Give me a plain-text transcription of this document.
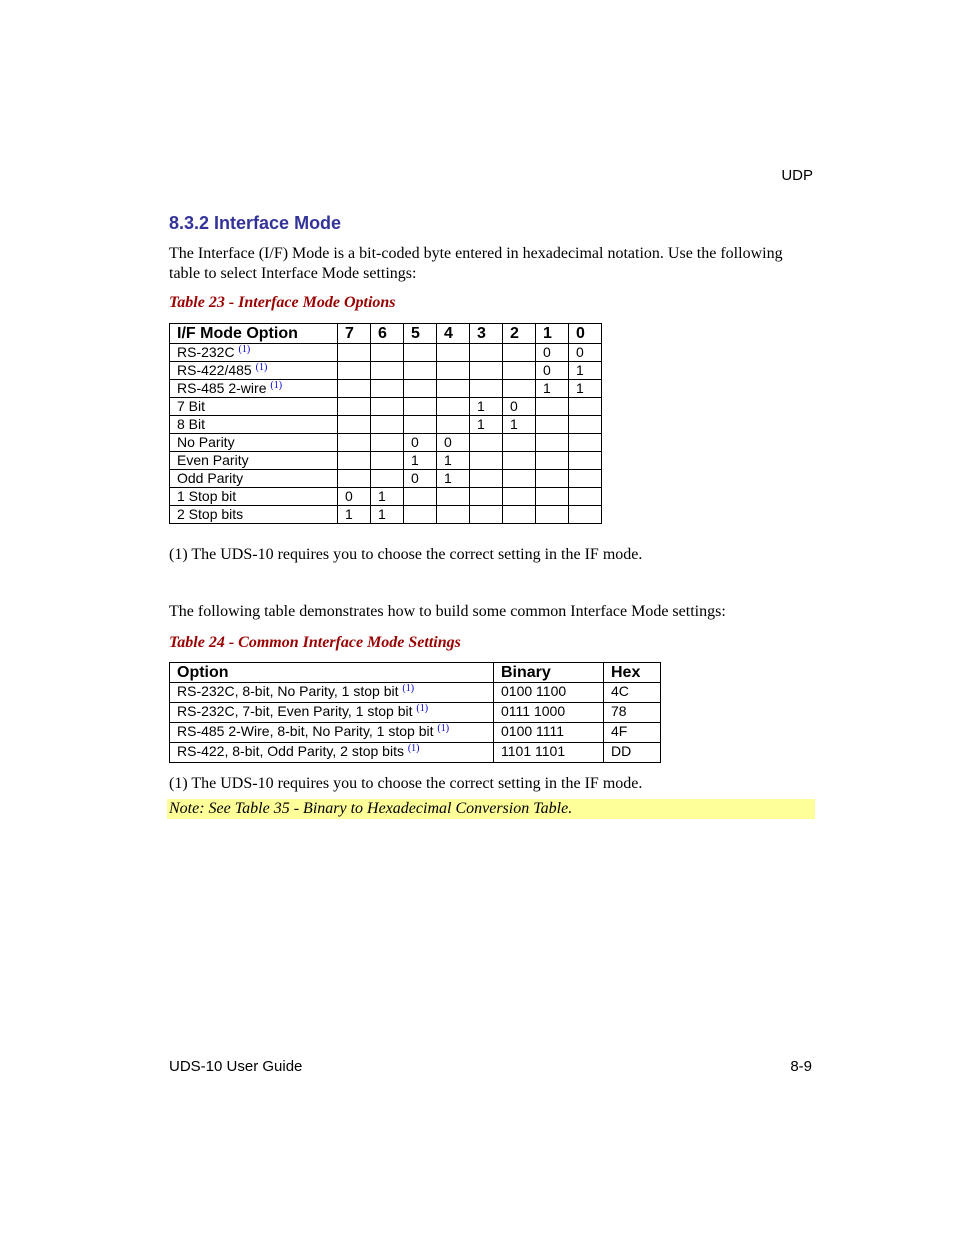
UDP
8.3.2 Interface Mode

The Interface (I/F) Mode is a bit-coded byte entered in hexadecimal notation. Use the following table to select Interface Mode settings:

Table 23 - Interface Mode Options

I/F Mode Option	7	6	5	4	3	2	1	0
RS-232C $^{(1)}$							0	0
RS-422/485 $^{(1)}$							0	1
RS-485 2-wire $^{(1)}$							1	1
7 Bit					1	0		
8 Bit					1	1		
No Parity			0	0				
Even Parity			1	1				
Odd Parity			0	1				
1 Stop bit	0	1						
2 Stop bits	1	1						

(1) The UDS-10 requires you to choose the correct setting in the IF mode.

The following table demonstrates how to build some common Interface Mode settings:

Table 24 - Common Interface Mode Settings

Option	Binary	Hex
RS-232C, 8-bit, No Parity, 1 stop bit $^{(1)}$	0100 1100	4C
RS-232C, 7-bit, Even Parity, 1 stop bit $^{(1)}$	0111 1000	78
RS-485 2-Wire, 8-bit, No Parity, 1 stop bit $^{(1)}$	0100 1111	4F
RS-422, 8-bit, Odd Parity, 2 stop bits $^{(1)}$	1101 1101	DD

(1) The UDS-10 requires you to choose the correct setting in the IF mode.

Note: See Table 35 - Binary to Hexadecimal Conversion Table.

UDS-10 User Guide	8-9
